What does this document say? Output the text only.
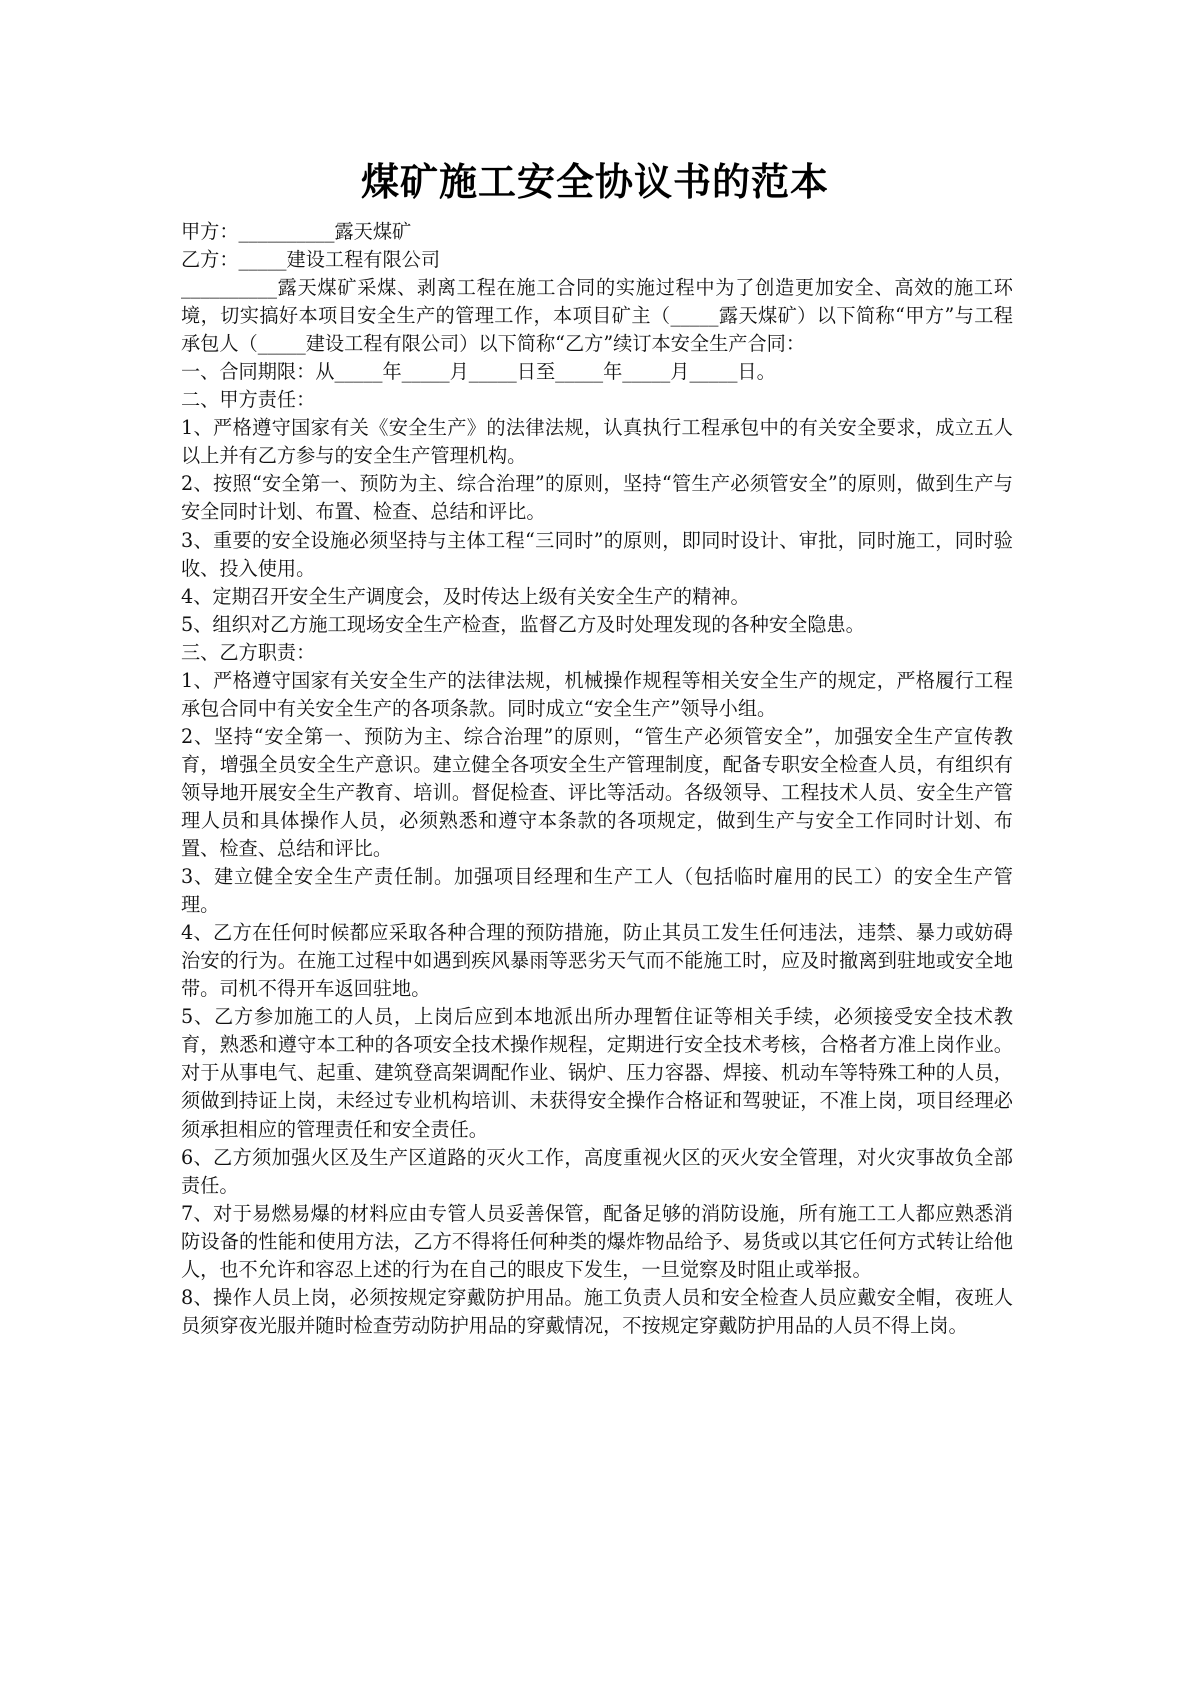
煤矿施工安全协议书的范本

甲方：__________露天煤矿

乙方：_____建设工程有限公司

__________露天煤矿采煤、剥离工程在施工合同的实施过程中为了创造更加安全、高效的施工环境，切实搞好本项目安全生产的管理工作，本项目矿主（_____露天煤矿）以下简称“甲方”与工程承包人（_____建设工程有限公司）以下简称“乙方”续订本安全生产合同：

一、合同期限：从_____年_____月_____日至_____年_____月_____日。

二、甲方责任：

1、严格遵守国家有关《安全生产》的法律法规，认真执行工程承包中的有关安全要求，成立五人以上并有乙方参与的安全生产管理机构。

2、按照“安全第一、预防为主、综合治理”的原则，坚持“管生产必须管安全”的原则，做到生产与安全同时计划、布置、检查、总结和评比。

3、重要的安全设施必须坚持与主体工程“三同时”的原则，即同时设计、审批，同时施工，同时验收、投入使用。

4、定期召开安全生产调度会，及时传达上级有关安全生产的精神。

5、组织对乙方施工现场安全生产检查，监督乙方及时处理发现的各种安全隐患。

三、乙方职责：

1、严格遵守国家有关安全生产的法律法规，机械操作规程等相关安全生产的规定，严格履行工程承包合同中有关安全生产的各项条款。同时成立“安全生产”领导小组。

2、坚持“安全第一、预防为主、综合治理”的原则，“管生产必须管安全”，加强安全生产宣传教育，增强全员安全生产意识。建立健全各项安全生产管理制度，配备专职安全检查人员，有组织有领导地开展安全生产教育、培训。督促检查、评比等活动。各级领导、工程技术人员、安全生产管理人员和具体操作人员，必须熟悉和遵守本条款的各项规定，做到生产与安全工作同时计划、布置、检查、总结和评比。

3、建立健全安全生产责任制。加强项目经理和生产工人（包括临时雇用的民工）的安全生产管理。

4、乙方在任何时候都应采取各种合理的预防措施，防止其员工发生任何违法，违禁、暴力或妨碍治安的行为。在施工过程中如遇到疾风暴雨等恶劣天气而不能施工时，应及时撤离到驻地或安全地带。司机不得开车返回驻地。

5、乙方参加施工的人员，上岗后应到本地派出所办理暂住证等相关手续，必须接受安全技术教育，熟悉和遵守本工种的各项安全技术操作规程，定期进行安全技术考核，合格者方准上岗作业。对于从事电气、起重、建筑登高架调配作业、锅炉、压力容器、焊接、机动车等特殊工种的人员，须做到持证上岗，未经过专业机构培训、未获得安全操作合格证和驾驶证，不准上岗，项目经理必须承担相应的管理责任和安全责任。

6、乙方须加强火区及生产区道路的灭火工作，高度重视火区的灭火安全管理，对火灾事故负全部责任。

7、对于易燃易爆的材料应由专管人员妥善保管，配备足够的消防设施，所有施工工人都应熟悉消防设备的性能和使用方法，乙方不得将任何种类的爆炸物品给予、易货或以其它任何方式转让给他人，也不允许和容忍上述的行为在自己的眼皮下发生，一旦觉察及时阻止或举报。

8、操作人员上岗，必须按规定穿戴防护用品。施工负责人员和安全检查人员应戴安全帽，夜班人员须穿夜光服并随时检查劳动防护用品的穿戴情况，不按规定穿戴防护用品的人员不得上岗。
